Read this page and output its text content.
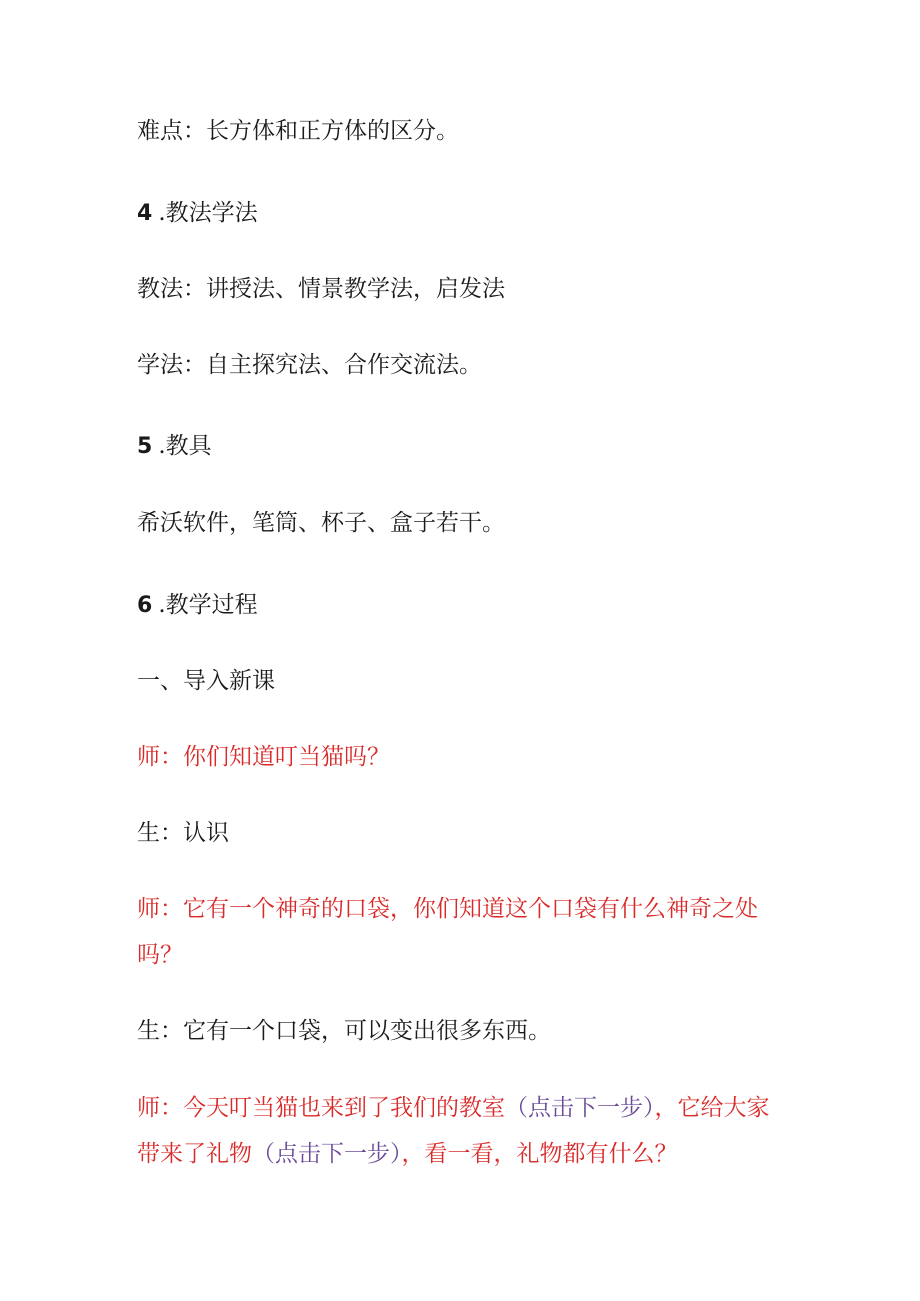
难点：长方体和正方体的区分。
4 .教法学法
教法：讲授法、情景教学法，启发法
学法：自主探究法、合作交流法。
5 .教具
希沃软件，笔筒、杯子、盒子若干。
6 .教学过程
一、导入新课
师：你们知道叮当猫吗？
生：认识
师：它有一个神奇的口袋，你们知道这个口袋有什么神奇之处吗？
生：它有一个口袋，可以变出很多东西。
师：今天叮当猫也来到了我们的教室（点击下一步），它给大家带来了礼物（点击下一步），看一看，礼物都有什么？
